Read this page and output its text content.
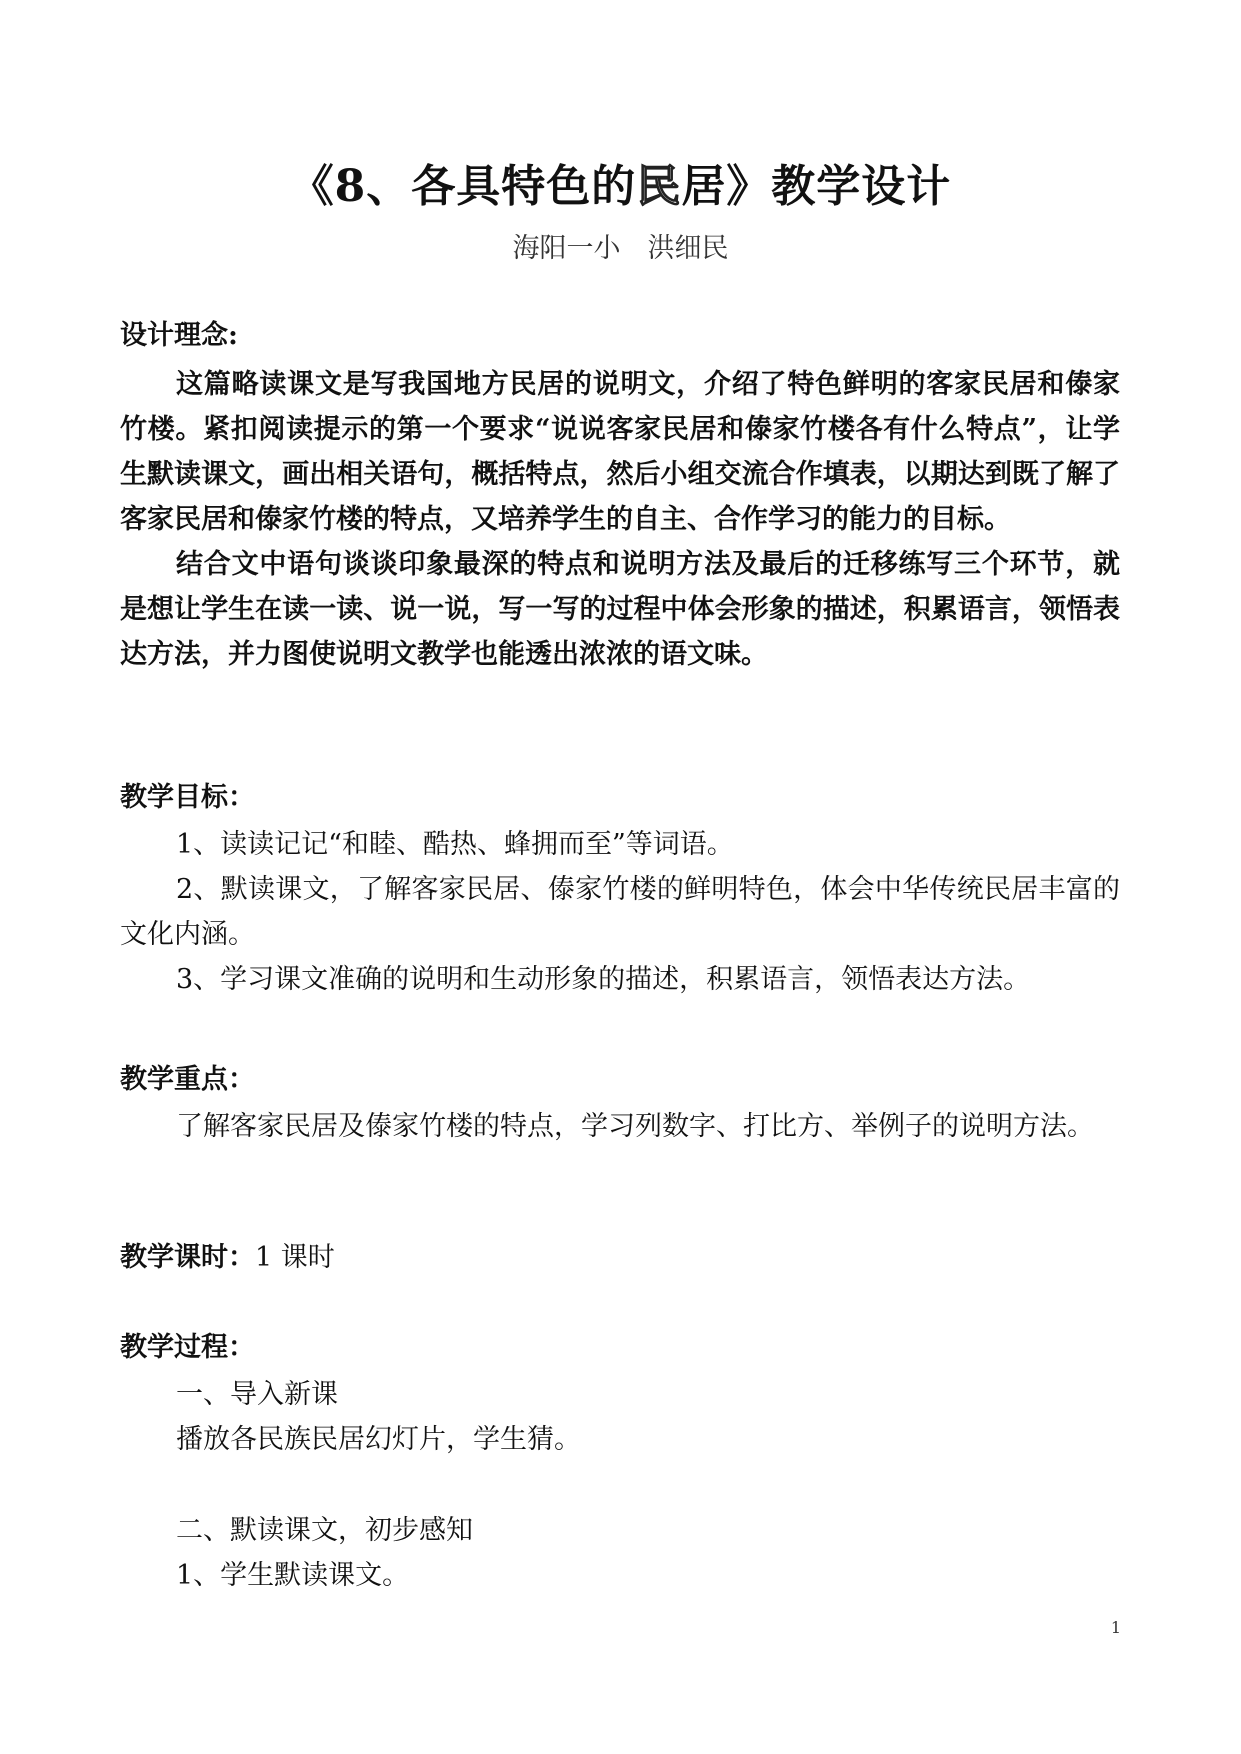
《8、各具特色的民居》教学设计
海阳一小　洪细民
设计理念:

这篇略读课文是写我国地方民居的说明文，介绍了特色鲜明的客家民居和傣家竹楼。紧扣阅读提示的第一个要求“说说客家民居和傣家竹楼各有什么特点”，让学生默读课文，画出相关语句，概括特点，然后小组交流合作填表，以期达到既了解了客家民居和傣家竹楼的特点，又培养学生的自主、合作学习的能力的目标。

结合文中语句谈谈印象最深的特点和说明方法及最后的迁移练写三个环节，就是想让学生在读一读、说一说，写一写的过程中体会形象的描述，积累语言，领悟表达方法，并力图使说明文教学也能透出浓浓的语文味。

教学目标：

1、读读记记“和睦、酷热、蜂拥而至”等词语。

2、默读课文，了解客家民居、傣家竹楼的鲜明特色，体会中华传统民居丰富的文化内涵。

3、学习课文准确的说明和生动形象的描述，积累语言，领悟表达方法。

教学重点：

了解客家民居及傣家竹楼的特点，学习列数字、打比方、举例子的说明方法。

教学课时：1 课时
教学过程：

一、导入新课

播放各民族民居幻灯片，学生猜。

二、默读课文，初步感知

1、学生默读课文。

1
